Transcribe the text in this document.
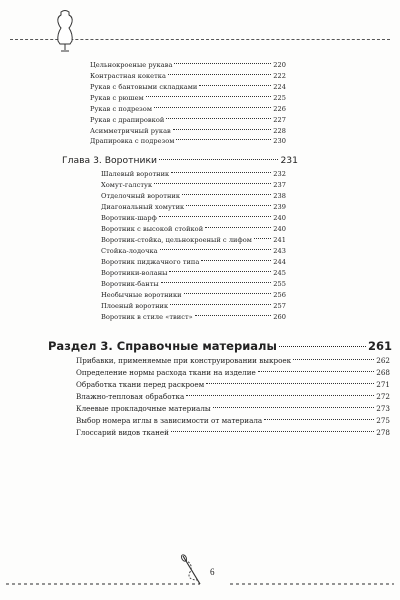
Цельнокроеные рукава	220
Контрастная кокетка	222
Рукав с бантовыми складками	224
Рукав с рюшем	225
Рукав с подрезом	226
Рукав с драпировкой	227
Асимметричный рукав	228
Драпировка с подрезом	230
Глава 3. Воротники	231
Шалевый воротник	232
Хомут-галстук	237
Отделочный воротник	238
Диагональный хомутик	239
Воротник-шарф	240
Воротник с высокой стойкой	240
Воротник-стойка, цельнокроеный с лифом	241
Стойка-лодочка	243
Воротник пиджачного типа	244
Воротники-воланы	245
Воротник-банты	255
Необычные воротники	256
Плоеный воротник	257
Воротник в стиле «твист»	260
Раздел 3. Справочные материалы	261
Прибавки, применяемые при конструировании выкроек	262
Определение нормы расхода ткани на изделие	268
Обработка ткани перед раскроем	271
Влажно-тепловая обработка	272
Клеевые прокладочные материалы	273
Выбор номера иглы в зависимости от материала	275
Глоссарий видов тканей	278
6
